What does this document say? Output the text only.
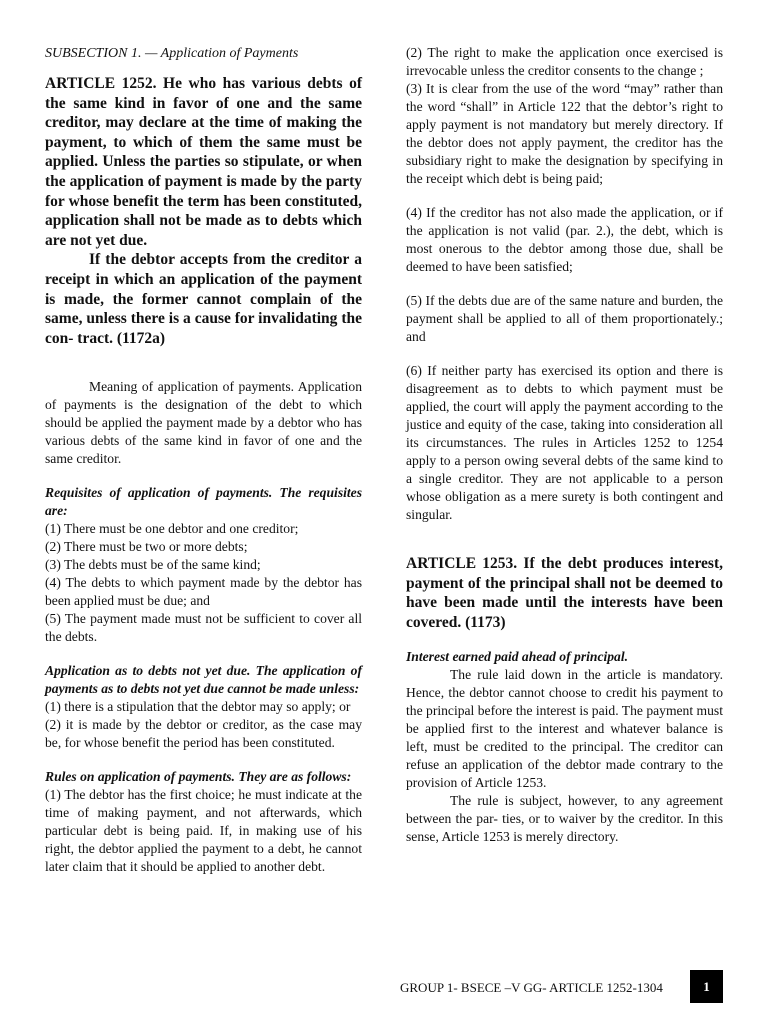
SUBSECTION 1. — Application of Payments

ARTICLE 1252. He who has various debts of the same kind in favor of one and the same creditor, may declare at the time of making the payment, to which of them the same must be applied. Unless the parties so stipulate, or when the application of payment is made by the party for whose benefit the term has been constituted, application shall not be made as to debts which are not yet due.

If the debtor accepts from the creditor a receipt in which an application of the payment is made, the former cannot complain of the same, unless there is a cause for invalidating the con- tract. (1172a)

Meaning of application of payments. Application of payments is the designation of the debt to which should be applied the payment made by a debtor who has various debts of the same kind in favor of one and the same creditor.

Requisites of application of payments. The requisites are:

(1) There must be one debtor and one creditor;

(2) There must be two or more debts;

(3) The debts must be of the same kind;

(4) The debts to which payment made by the debtor has been applied must be due; and

(5) The payment made must not be sufficient to cover all the debts.

Application as to debts not yet due. The application of payments as to debts not yet due cannot be made unless:

(1) there is a stipulation that the debtor may so apply; or

(2) it is made by the debtor or creditor, as the case may be, for whose benefit the period has been constituted.

Rules on application of payments. They are as follows:

(1) The debtor has the first choice; he must indicate at the time of making payment, and not afterwards, which particular debt is being paid. If, in making use of his right, the debtor applied the payment to a debt, he cannot later claim that it should be applied to another debt.

(2) The right to make the application once exercised is irrevocable unless the creditor consents to the change ;

(3) It is clear from the use of the word “may” rather than the word “shall” in Article 122 that the debtor’s right to apply payment is not mandatory but merely directory. If the debtor does not apply payment, the creditor has the subsidiary right to make the designation by specifying in the receipt which debt is being paid;

(4) If the creditor has not also made the application, or if the application is not valid (par. 2.), the debt, which is most onerous to the debtor among those due, shall be deemed to have been satisfied;

(5) If the debts due are of the same nature and burden, the payment shall be applied to all of them proportionately.; and

(6) If neither party has exercised its option and there is disagreement as to debts to which payment must be applied, the court will apply the payment according to the justice and equity of the case, taking into consideration all its circumstances. The rules in Articles 1252 to 1254 apply to a person owing several debts of the same kind to a single creditor. They are not applicable to a person whose obligation as a mere surety is both contingent and singular.

ARTICLE 1253. If the debt produces interest, payment of the principal shall not be deemed to have been made until the interests have been covered. (1173)

Interest earned paid ahead of principal.

The rule laid down in the article is mandatory. Hence, the debtor cannot choose to credit his payment to the principal before the interest is paid. The payment must be applied first to the interest and whatever balance is left, must be credited to the principal. The creditor can refuse an application of the debtor made contrary to the provision of Article 1253.

The rule is subject, however, to any agreement between the par- ties, or to waiver by the creditor. In this sense, Article 1253 is merely directory.

GROUP 1- BSECE –V GG- ARTICLE 1252-1304	1
